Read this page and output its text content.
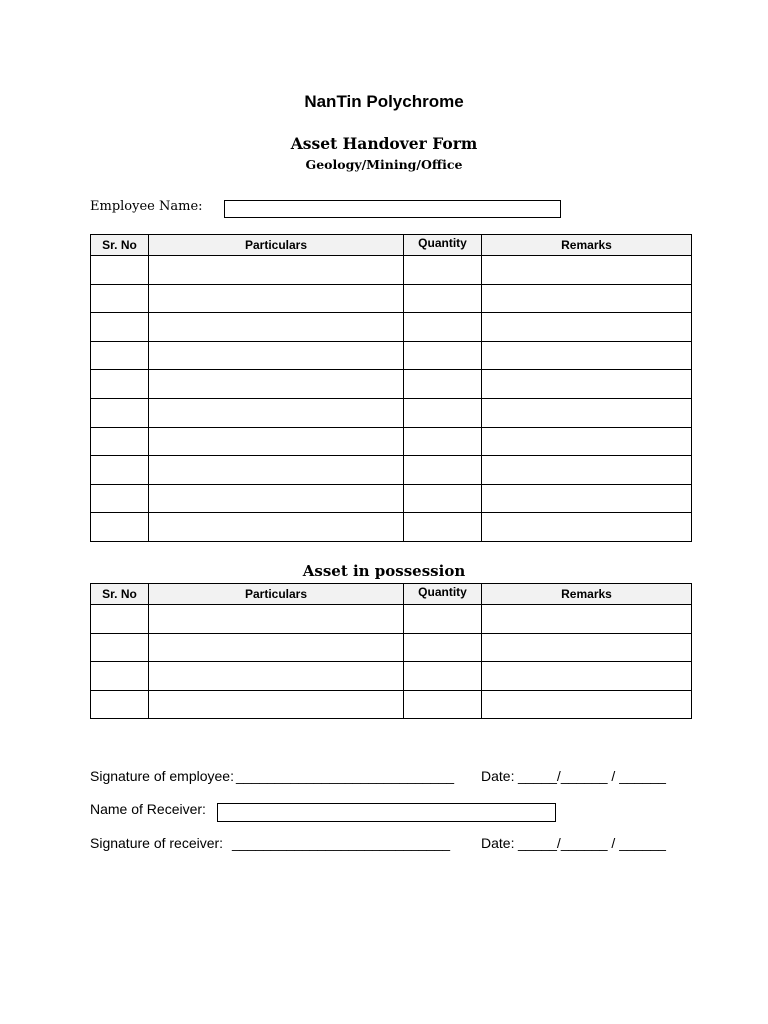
NanTin Polychrome
Asset Handover Form
Geology/Mining/Office
Employee Name:
Sr. No	Particulars	Quantity	Remarks

Asset in possession
Sr. No	Particulars	Quantity	Remarks

Signature of employee: ____________________________ Date: _____/______ / ______
Name of Receiver:
Signature of receiver: ____________________________ Date: _____/______ / ______
